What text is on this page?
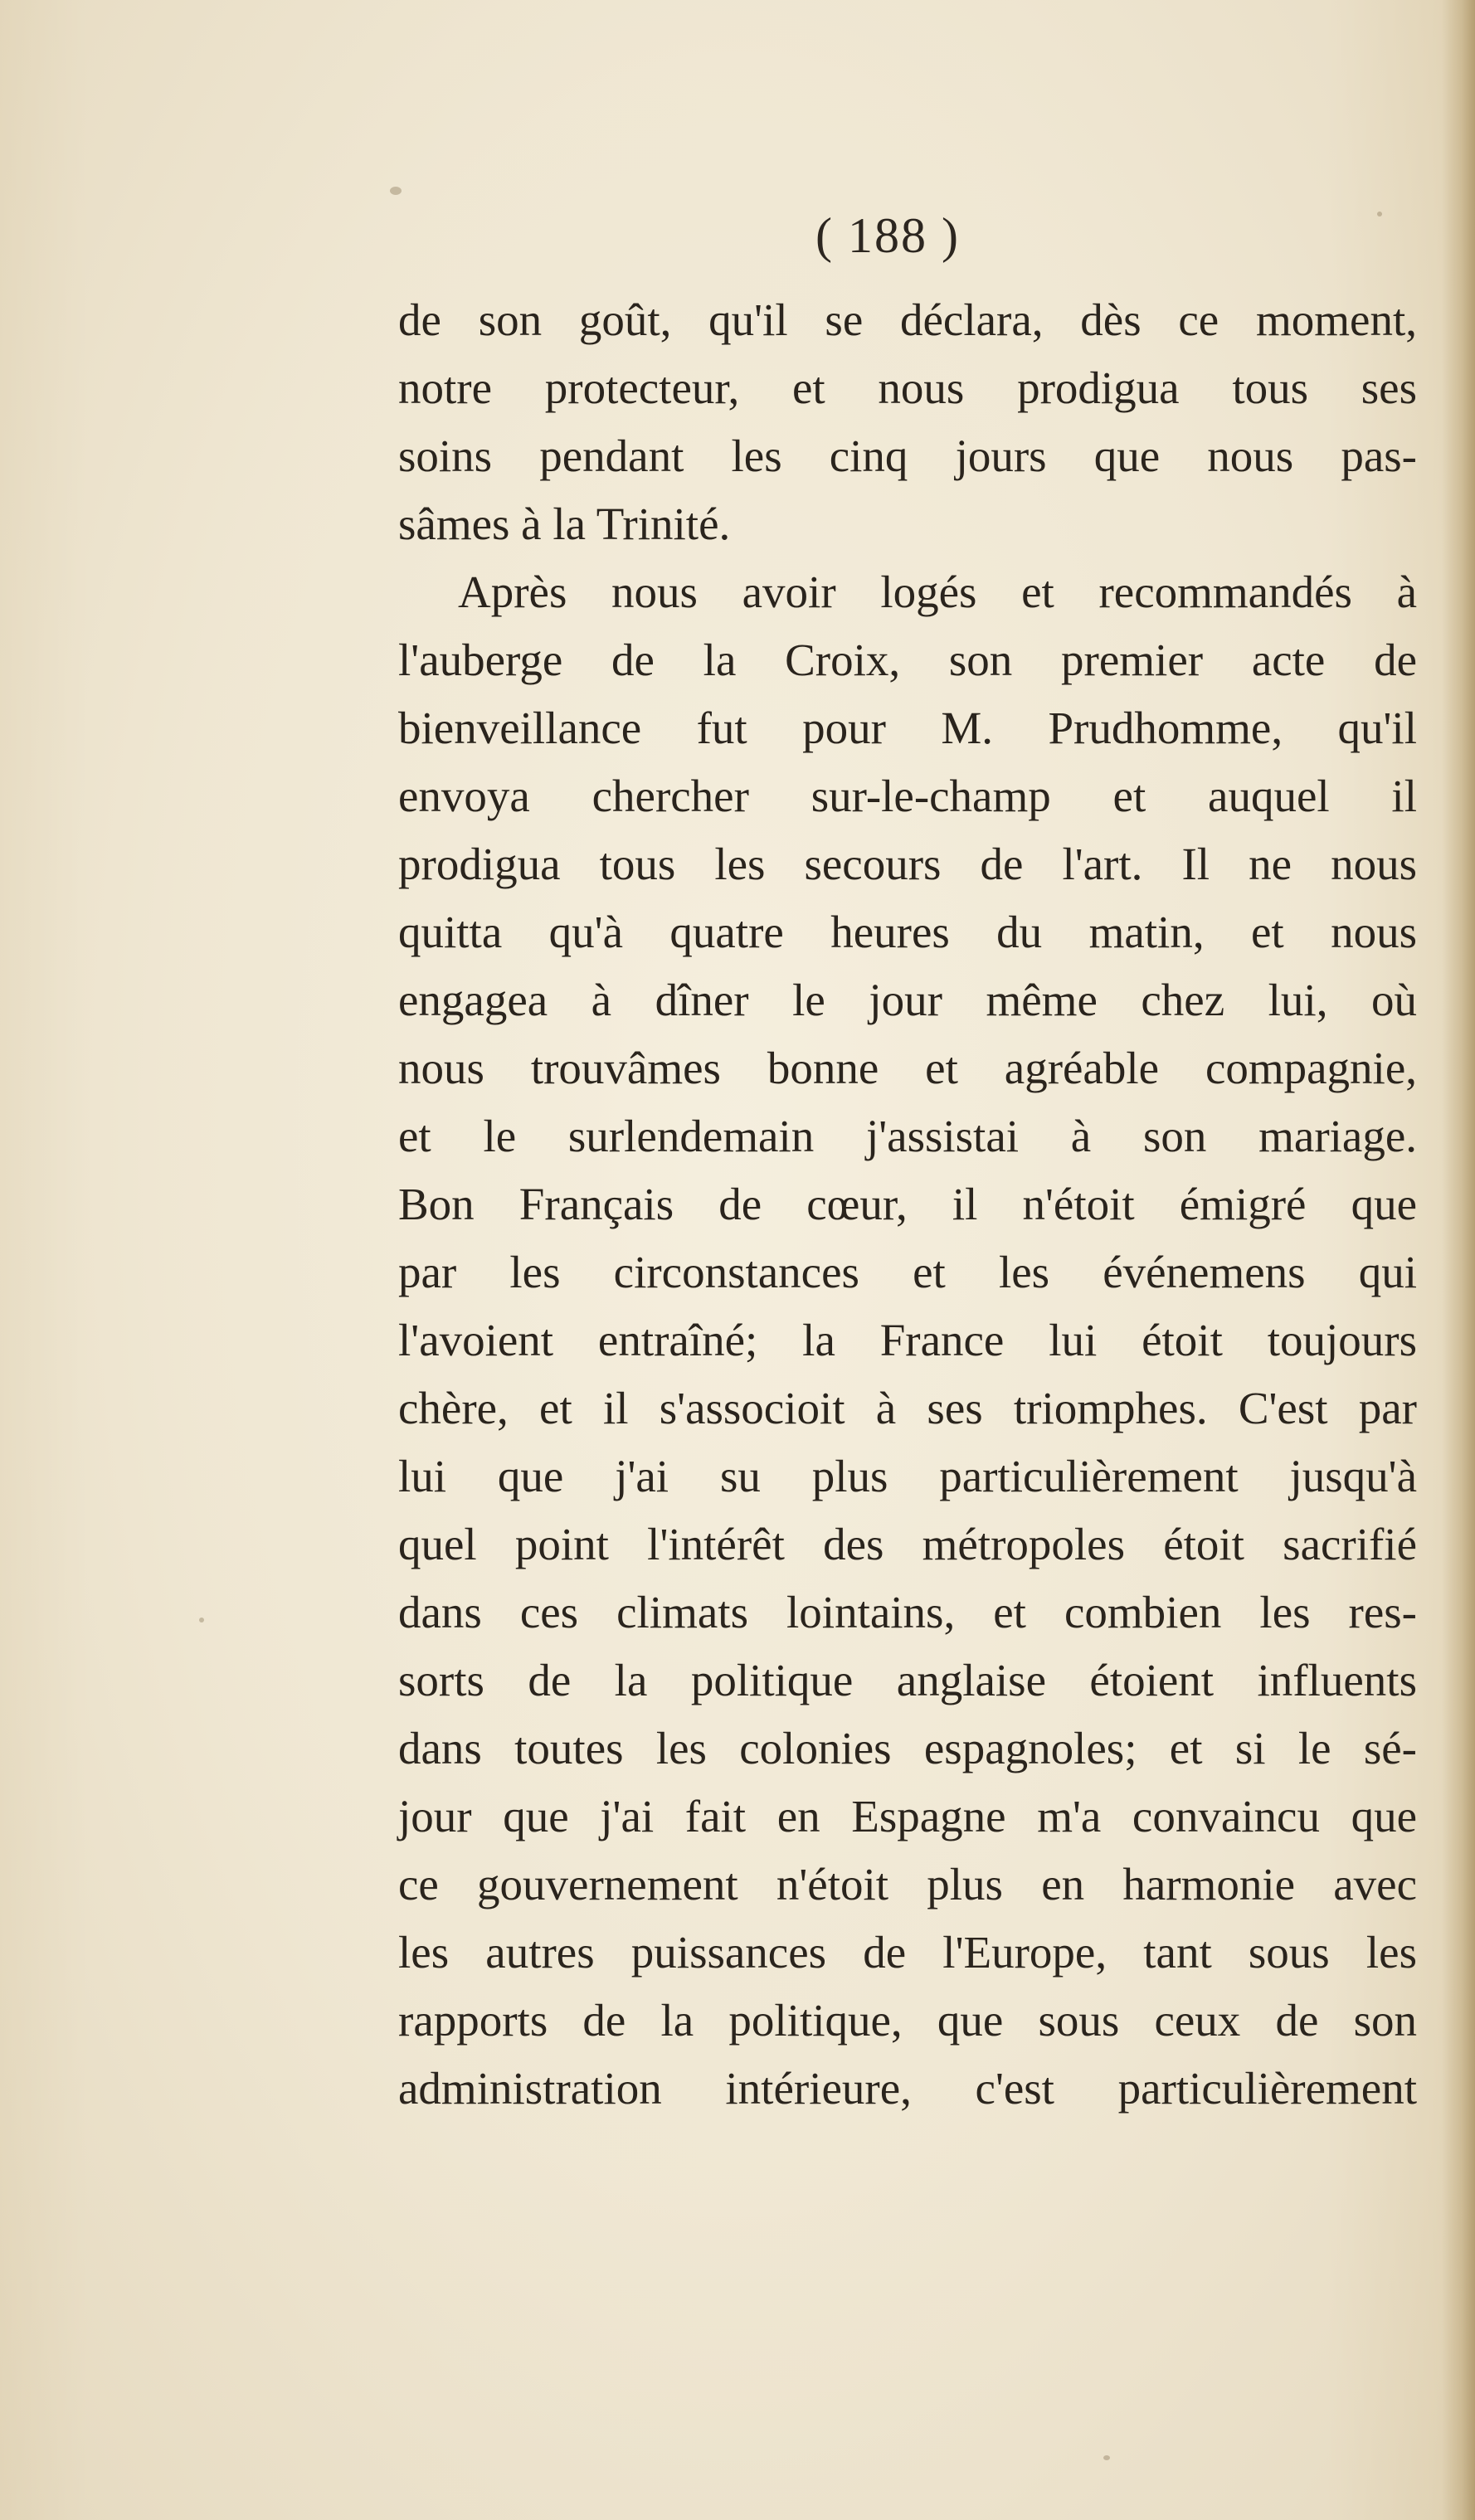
( 188 )
de son goût, qu'il se déclara, dès ce moment,
notre protecteur, et nous prodigua tous ses
soins pendant les cinq jours que nous pas-
sâmes à la Trinité.
Après nous avoir logés et recommandés à
l'auberge de la Croix, son premier acte de
bienveillance fut pour M. Prudhomme, qu'il
envoya chercher sur-le-champ et auquel il
prodigua tous les secours de l'art. Il ne nous
quitta qu'à quatre heures du matin, et nous
engagea à dîner le jour même chez lui, où
nous trouvâmes bonne et agréable compagnie,
et le surlendemain j'assistai à son mariage.
Bon Français de cœur, il n'étoit émigré que
par les circonstances et les événemens qui
l'avoient entraîné; la France lui étoit toujours
chère, et il s'associoit à ses triomphes. C'est par
lui que j'ai su plus particulièrement jusqu'à
quel point l'intérêt des métropoles étoit sacrifié
dans ces climats lointains, et combien les res-
sorts de la politique anglaise étoient influents
dans toutes les colonies espagnoles; et si le sé-
jour que j'ai fait en Espagne m'a convaincu que
ce gouvernement n'étoit plus en harmonie avec
les autres puissances de l'Europe, tant sous les
rapports de la politique, que sous ceux de son
administration intérieure, c'est particulièrement
